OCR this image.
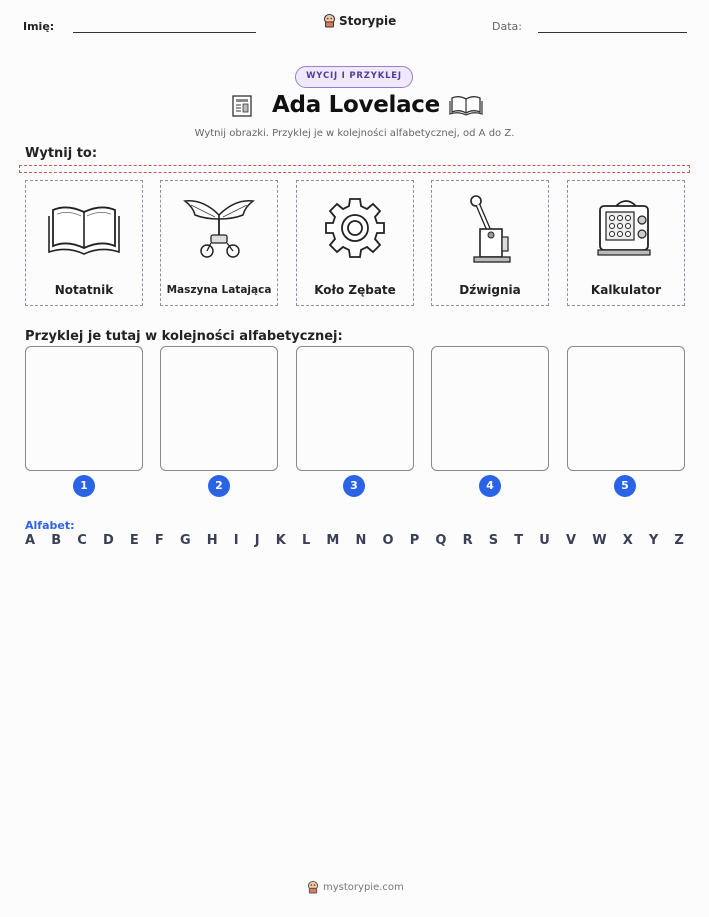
Imię:	Storypie	Data:
WYCIJ I PRZYKLEJ
Ada Lovelace
Wytnij obrazki. Przyklej je w kolejności alfabetycznej, od A do Z.
Wytnij to:
Notatnik	Maszyna Latająca	Koło Zębate	Dźwignia	Kalkulator
Przyklej je tutaj w kolejności alfabetycznej:
1	2	3	4	5
Alfabet:
A B C D E F G H I J K L M N O P Q R S T U V W X Y Z
mystorypie.com
